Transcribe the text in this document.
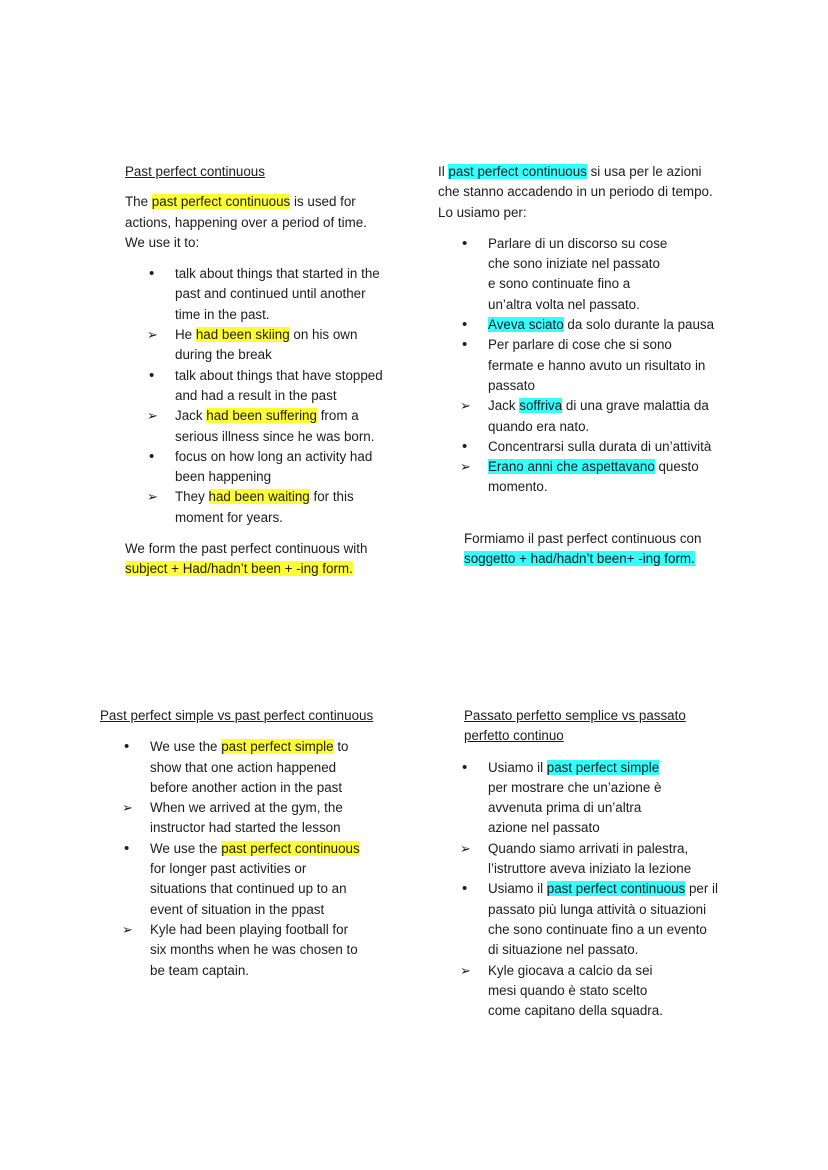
Past perfect continuous

The past perfect continuous is used for actions, happening over a period of time. We use it to:

•	talk about things that started in the past and continued until another time in the past.
➢	He had been skiing on his own during the break
•	talk about things that have stopped and had a result in the past
➢	Jack had been suffering from a serious illness since he was born.
•	focus on how long an activity had been happening
➢	They had been waiting for this moment for years.

We form the past perfect continuous with
subject + Had/hadn’t been + -ing form.

Il past perfect continuous si usa per le azioni che stanno accadendo in un periodo di tempo. Lo usiamo per:

•	Parlare di un discorso su cose che sono iniziate nel passato e sono continuate fino a un’altra volta nel passato.
•	Aveva sciato da solo durante la pausa
•	Per parlare di cose che si sono fermate e hanno avuto un risultato in passato
➢	Jack soffriva di una grave malattia da quando era nato.
•	Concentrarsi sulla durata di un’attività
➢	Erano anni che aspettavano questo momento.

Formiamo il past perfect continuous con
soggetto + had/hadn’t been+ -ing form.

Past perfect simple vs past perfect continuous
•	We use the past perfect simple to show that one action happened before another action in the past
➢	When we arrived at the gym, the instructor had started the lesson
•	We use the past perfect continuous for longer past activities or situations that continued up to an event of situation in the ppast
➢	Kyle had been playing football for six months when he was chosen to be team captain.
Passato perfetto semplice vs passato
perfetto continuo
•	Usiamo il past perfect simple per mostrare che un’azione è avvenuta prima di un’altra azione nel passato
➢	Quando siamo arrivati in palestra, l’istruttore aveva iniziato la lezione
•	Usiamo il past perfect continuous per il passato più lunga attività o situazioni che sono continuate fino a un evento di situazione nel passato.
➢	Kyle giocava a calcio da sei mesi quando è stato scelto come capitano della squadra.
